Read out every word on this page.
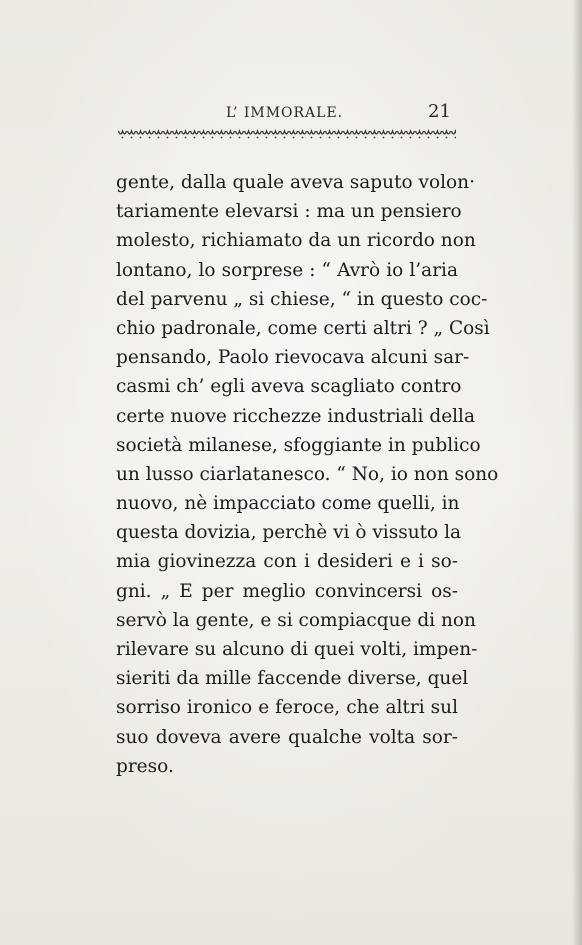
L’ IMMORALE.	21
gente, dalla quale aveva saputo volon·
tariamente elevarsi : ma un pensiero
molesto, richiamato da un ricordo non
lontano, lo sorprese : “ Avrò io l’aria
del parvenu „ si chiese, “ in questo coc-
chio padronale, come certi altri ? „ Così
pensando, Paolo rievocava alcuni sar-
casmi ch’ egli aveva scagliato contro
certe nuove ricchezze industriali della
società milanese, sfoggiante in publico
un lusso ciarlatanesco. “ No, io non sono
nuovo, nè impacciato come quelli, in
questa dovizia, perchè vi ò vissuto la
mia giovinezza con i desideri e i so-
gni. „ E per meglio convincersi os-
servò la gente, e si compiacque di non
rilevare su alcuno di quei volti, impen-
sieriti da mille faccende diverse, quel
sorriso ironico e feroce, che altri sul
suo doveva avere qualche volta sor-
preso.
